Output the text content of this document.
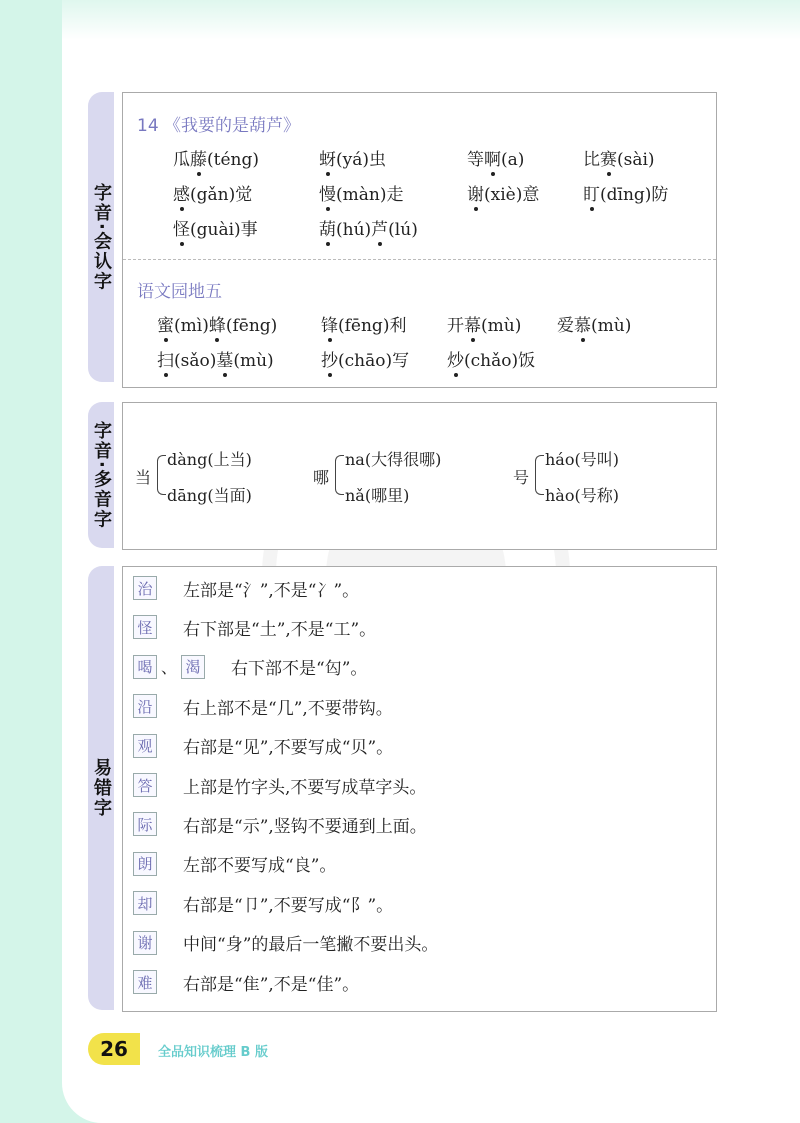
字音·会认字
14 《我要的是葫芦》
瓜藤(téng)	蚜(yá)虫	等啊(a)	比赛(sài)
感(gǎn)觉	慢(màn)走	谢(xiè)意	盯(dīng)防
怪(guài)事	葫(hú)芦(lú)
语文园地五
蜜(mì)蜂(fēng)	锋(fēng)利 开幕(mù) 爱慕(mù)
扫(sǎo)墓(mù)	抄(chāo)写 炒(chǎo)饭
字音·多音字 当
dàng(上当)
dāng(当面)
哪
na(大得很哪)
nǎ(哪里)
号
háo(号叫)
hào(号称)
易错字
治 左部是“氵”,不是“冫”。
怪 右下部是“土”,不是“工”。
喝 、 渴 右下部不是“匃”。
沿 右上部不是“几”,不要带钩。
观 右部是“见”,不要写成“贝”。
答 上部是竹字头,不要写成草字头。
际 右部是“示”,竖钩不要通到上面。
朗 左部不要写成“良”。
却 右部是“卩”,不要写成“阝”。
谢 中间“身”的最后一笔撇不要出头。
难 右部是“隹”,不是“佳”。
26	全品知识梳理 B 版
